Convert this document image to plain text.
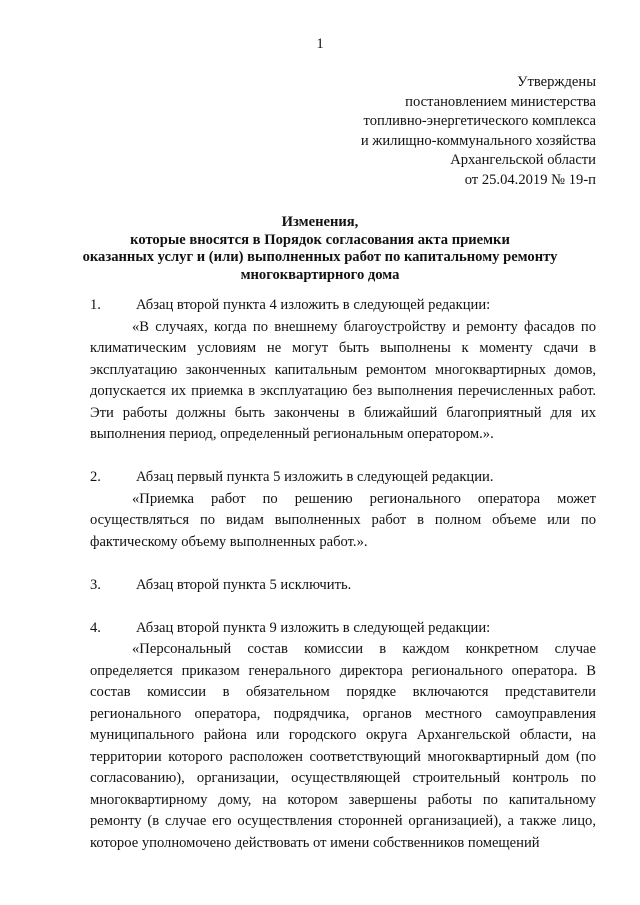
1
Утверждены
постановлением министерства
топливно-энергетического комплекса
и жилищно-коммунального хозяйства
Архангельской области
от 25.04.2019 № 19-п
Изменения,
которые вносятся в Порядок согласования акта приемки
оказанных услуг и (или) выполненных работ по капитальному ремонту
многоквартирного дома
1. Абзац второй пункта 4 изложить в следующей редакции:

«В случаях, когда по внешнему благоустройству и ремонту фасадов по климатическим условиям не могут быть выполнены к моменту сдачи в эксплуатацию законченных капитальным ремонтом многоквартирных домов, допускается их приемка в эксплуатацию без выполнения перечисленных работ. Эти работы должны быть закончены в ближайший благоприятный для их выполнения период, определенный региональным оператором.».

2. Абзац первый пункта 5 изложить в следующей редакции.

«Приемка работ по решению регионального оператора может осуществляться по видам выполненных работ в полном объеме или по фактическому объему выполненных работ.».

3. Абзац второй пункта 5 исключить.
4. Абзац второй пункта 9 изложить в следующей редакции:

«Персональный состав комиссии в каждом конкретном случае определяется приказом генерального директора регионального оператора. В состав комиссии в обязательном порядке включаются представители регионального оператора, подрядчика, органов местного самоуправления муниципального района или городского округа Архангельской области, на территории которого расположен соответствующий многоквартирный дом (по согласованию), организации, осуществляющей строительный контроль по многоквартирному дому, на котором завершены работы по капитальному ремонту (в случае его осуществления сторонней организацией), а также лицо, которое уполномочено действовать от имени собственников помещений
